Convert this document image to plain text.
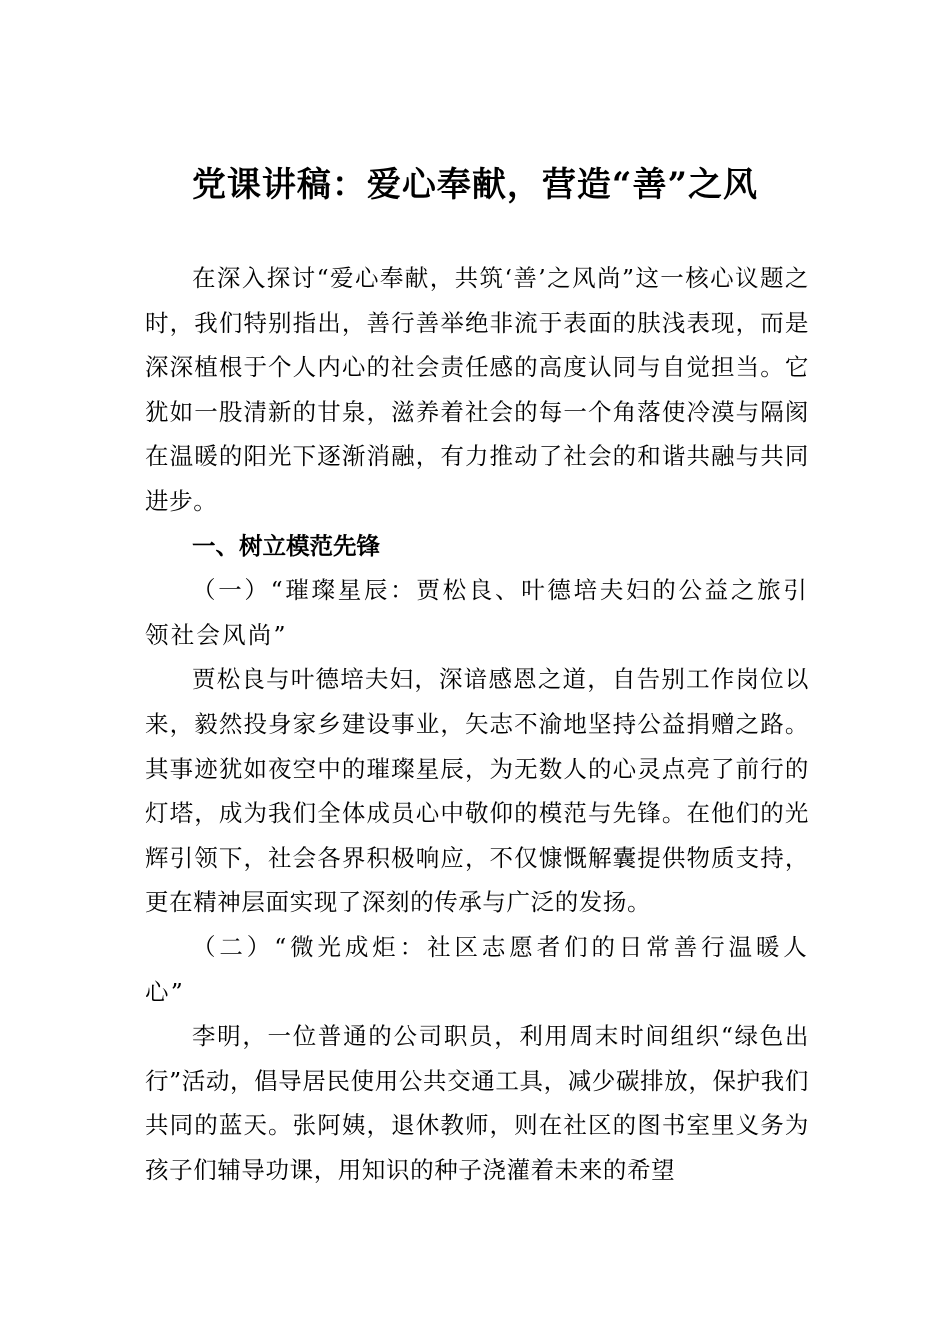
党课讲稿：爱心奉献，营造“善”之风

在深入探讨“爱心奉献，共筑‘善’之风尚”这一核心议题之时，我们特别指出，善行善举绝非流于表面的肤浅表现，而是深深植根于个人内心的社会责任感的高度认同与自觉担当。它犹如一股清新的甘泉，滋养着社会的每一个角落使冷漠与隔阂在温暖的阳光下逐渐消融，有力推动了社会的和谐共融与共同进步。

一、树立模范先锋

（一）“璀璨星辰：贾松良、叶德培夫妇的公益之旅引领社会风尚”

贾松良与叶德培夫妇，深谙感恩之道，自告别工作岗位以来，毅然投身家乡建设事业，矢志不渝地坚持公益捐赠之路。其事迹犹如夜空中的璀璨星辰，为无数人的心灵点亮了前行的灯塔，成为我们全体成员心中敬仰的模范与先锋。在他们的光辉引领下，社会各界积极响应，不仅慷慨解囊提供物质支持，更在精神层面实现了深刻的传承与广泛的发扬。

（二）“微光成炬：社区志愿者们的日常善行温暖人心”

李明，一位普通的公司职员，利用周末时间组织“绿色出行”活动，倡导居民使用公共交通工具，减少碳排放，保护我们共同的蓝天。张阿姨，退休教师，则在社区的图书室里义务为孩子们辅导功课，用知识的种子浇灌着未来的希望
